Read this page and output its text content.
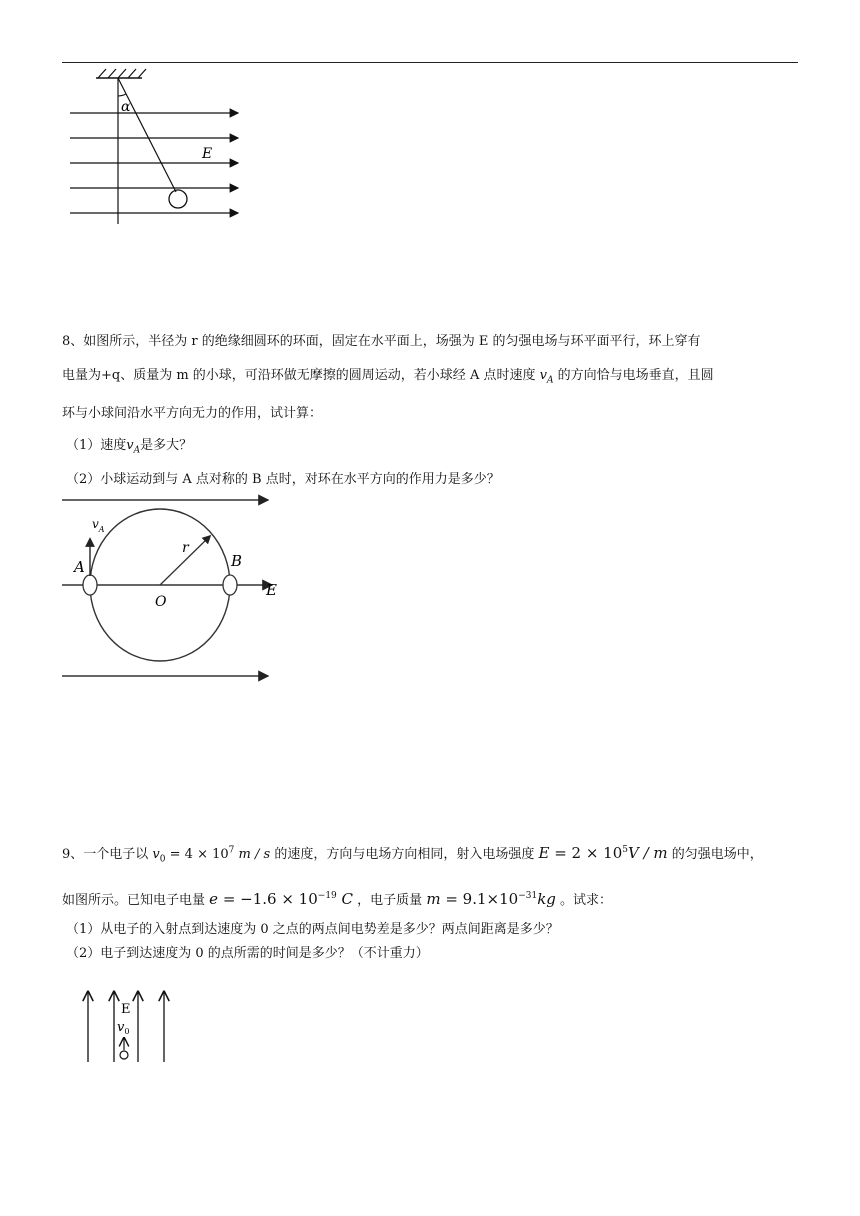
α
E
8、如图所示，半径为 r 的绝缘细圆环的环面，固定在水平面上，场强为 E 的匀强电场与环平面平行，环上穿有
电量为+q、质量为 m 的小球，可沿环做无摩擦的圆周运动，若小球经 A 点时速度 $v_A$ 的方向恰与电场垂直，且圆
环与小球间沿水平方向无力的作用，试计算：
（1）速度$v_A$是多大？
（2）小球运动到与 A 点对称的 B 点时，对环在水平方向的作用力是多少？
$v_A$
A	B
O
r
E
9、一个电子以 $v_0 = 4 \times 10^7$ m / s 的速度，方向与电场方向相同，射入电场强度 $E = 2 \times 10^5V / m$ 的匀强电场中，
如图所示。已知电子电量 $e = -1.6 \times 10^{-19}$ C ，电子质量 $m = 9.1\times 10^{-31}kg$ 。试求：
（1）从电子的入射点到达速度为 0 之点的两点间电势差是多少？两点间距离是多少？
（2）电子到达速度为 0 的点所需的时间是多少？（不计重力）
E
$v_0$
